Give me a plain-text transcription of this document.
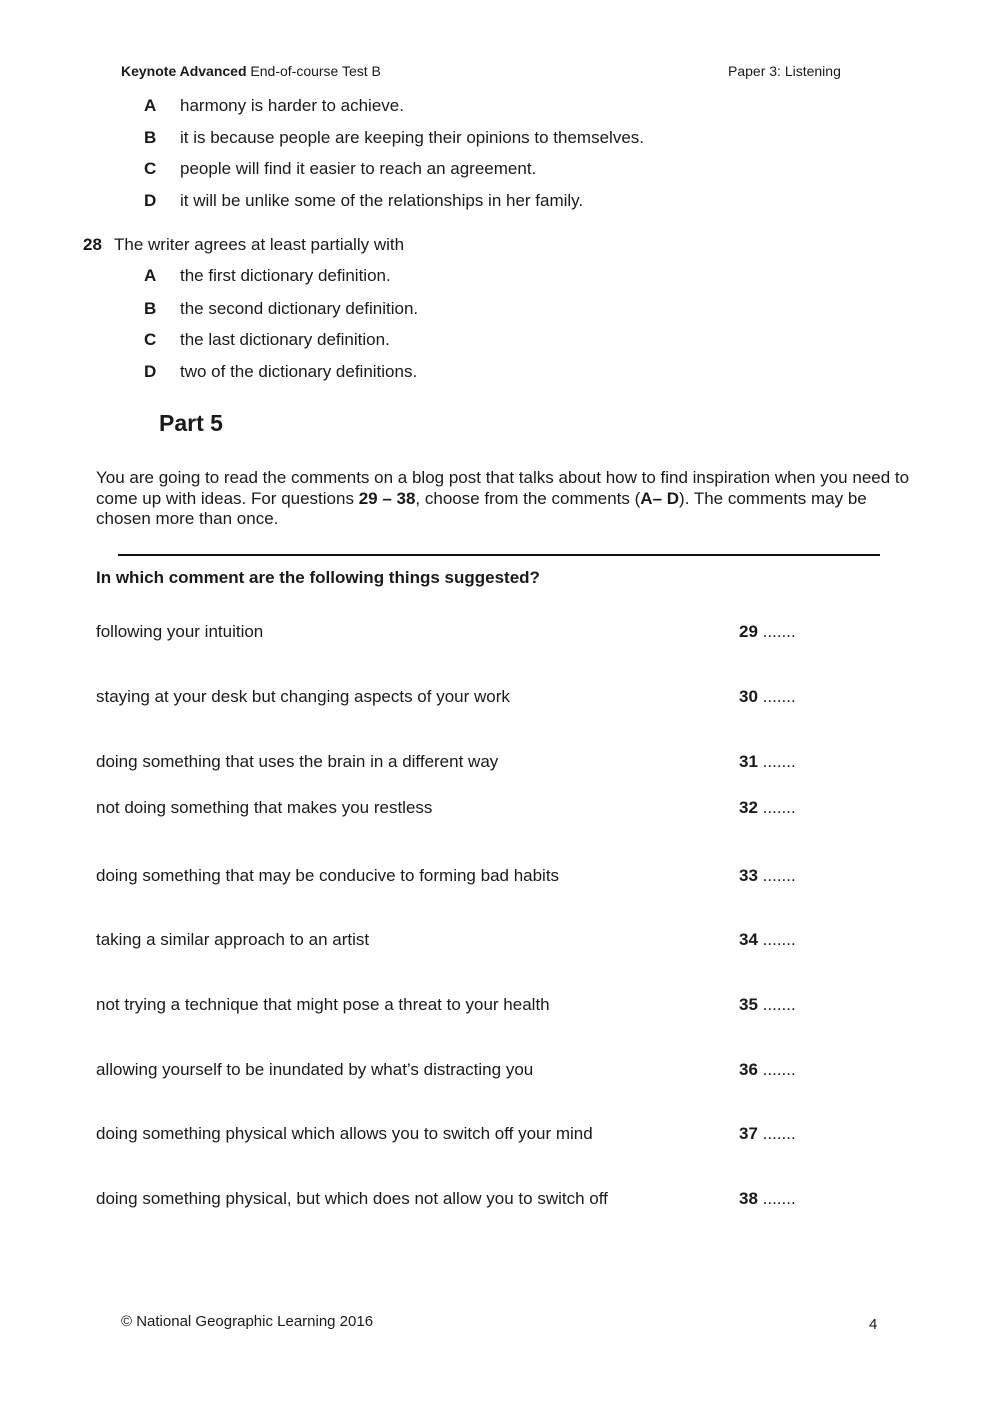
Keynote Advanced End-of-course Test B	Paper 3: Listening
A harmony is harder to achieve.
B it is because people are keeping their opinions to themselves.
C people will find it easier to reach an agreement.
D it will be unlike some of the relationships in her family.
28 The writer agrees at least partially with
A the first dictionary definition.
B the second dictionary definition.
C the last dictionary definition.
D two of the dictionary definitions.
Part 5
You are going to read the comments on a blog post that talks about how to find inspiration when you need to come up with ideas. For questions 29 – 38, choose from the comments (A– D). The comments may be chosen more than once.
In which comment are the following things suggested?
following your intuition	29 .......
staying at your desk but changing aspects of your work	30 .......
doing something that uses the brain in a different way	31 .......
not doing something that makes you restless	32 .......
doing something that may be conducive to forming bad habits	33 .......
taking a similar approach to an artist	34 .......
not trying a technique that might pose a threat to your health	35 .......
allowing yourself to be inundated by what’s distracting you	36 .......
doing something physical which allows you to switch off your mind	37 .......
doing something physical, but which does not allow you to switch off	38 .......
© National Geographic Learning 2016	4
